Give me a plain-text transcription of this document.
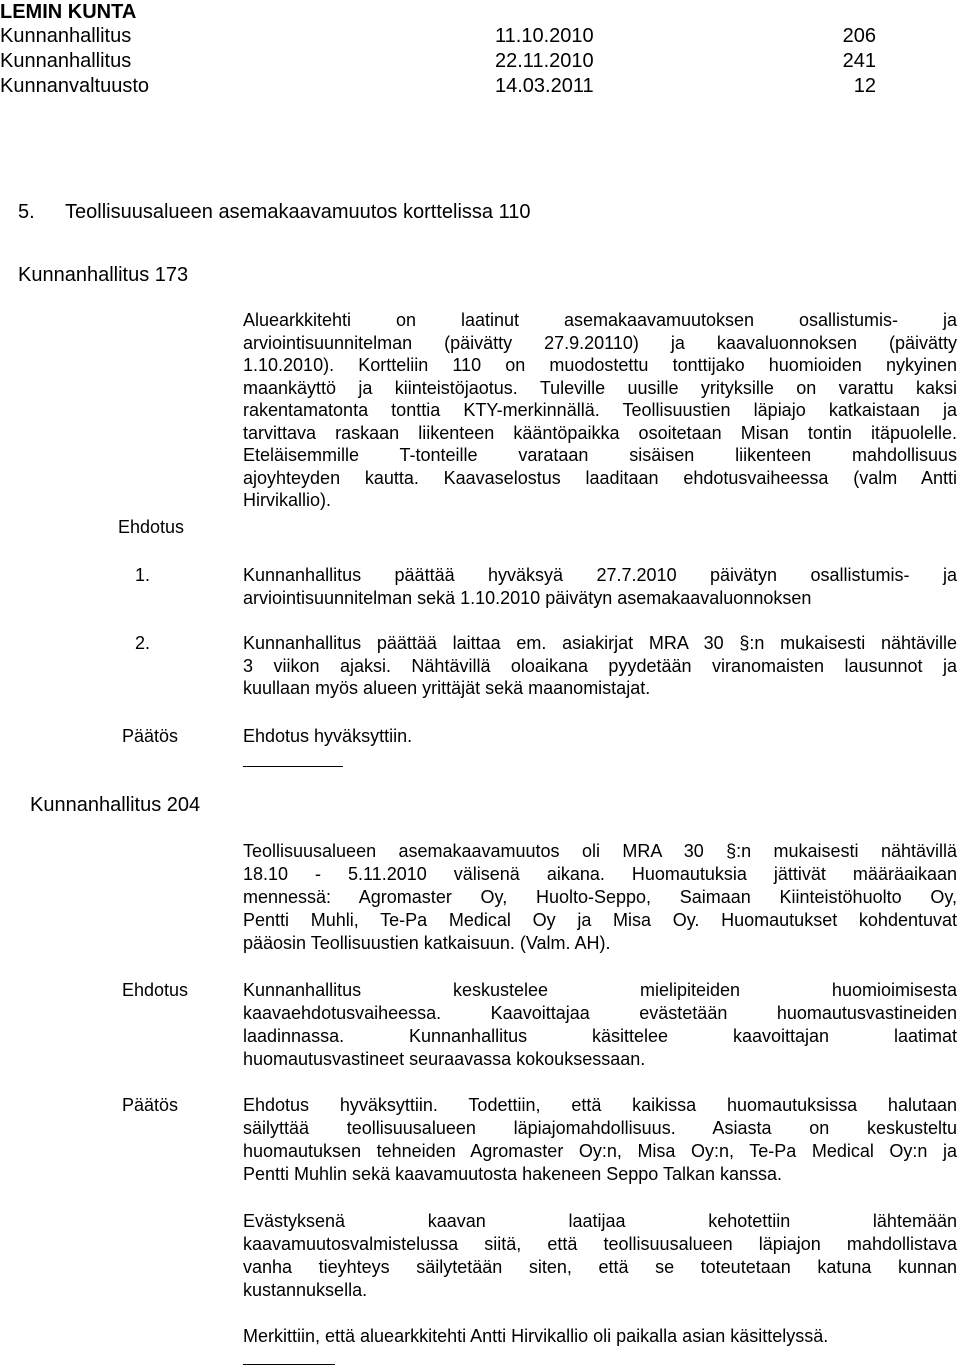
LEMIN KUNTA
Kunnanhallitus	11.10.2010	206
Kunnanhallitus	22.11.2010	241
Kunnanvaltuusto	14.03.2011	12
5. Teollisuusalueen asemakaavamuutos korttelissa 110
Kunnanhallitus 173
Aluearkkitehti on laatinut asemakaavamuutoksen osallistumis- ja
arviointisuunnitelman (päivätty 27.9.20110) ja kaavaluonnoksen (päivätty
1.10.2010). Kortteliin 110 on muodostettu tonttijako huomioiden nykyinen
maankäyttö ja kiinteistöjaotus. Tuleville uusille yrityksille on varattu kaksi
rakentamatonta tonttia KTY-merkinnällä. Teollisuustien läpiajo katkaistaan ja
tarvittava raskaan liikenteen kääntöpaikka osoitetaan Misan tontin itäpuolelle.
Eteläisemmille T-tonteille varataan sisäisen liikenteen mahdollisuus
ajoyhteyden kautta. Kaavaselostus laaditaan ehdotusvaiheessa (valm Antti
Hirvikallio).
Ehdotus
1.	Kunnanhallitus päättää hyväksyä 27.7.2010 päivätyn osallistumis- ja
arviointisuunnitelman sekä 1.10.2010 päivätyn asemakaavaluonnoksen
2.	Kunnanhallitus päättää laittaa em. asiakirjat MRA 30 §:n mukaisesti nähtäville
3 viikon ajaksi. Nähtävillä oloaikana pyydetään viranomaisten lausunnot ja
kuullaan myös alueen yrittäjät sekä maanomistajat.
Päätös	Ehdotus hyväksyttiin.
Kunnanhallitus 204
Teollisuusalueen asemakaavamuutos oli MRA 30 §:n mukaisesti nähtävillä
18.10 - 5.11.2010 välisenä aikana. Huomautuksia jättivät määräaikaan
mennessä: Agromaster Oy, Huolto-Seppo, Saimaan Kiinteistöhuolto Oy,
Pentti Muhli, Te-Pa Medical Oy ja Misa Oy. Huomautukset kohdentuvat
pääosin Teollisuustien katkaisuun. (Valm. AH).
Ehdotus	Kunnanhallitus keskustelee mielipiteiden huomioimisesta
kaavaehdotusvaiheessa. Kaavoittajaa evästetään huomautusvastineiden
laadinnassa. Kunnanhallitus käsittelee kaavoittajan laatimat
huomautusvastineet seuraavassa kokouksessaan.
Päätös	Ehdotus hyväksyttiin. Todettiin, että kaikissa huomautuksissa halutaan
säilyttää teollisuusalueen läpiajomahdollisuus. Asiasta on keskusteltu
huomautuksen tehneiden Agromaster Oy:n, Misa Oy:n, Te-Pa Medical Oy:n ja
Pentti Muhlin sekä kaavamuutosta hakeneen Seppo Talkan kanssa.
Evästyksenä kaavan laatijaa kehotettiin lähtemään
kaavamuutosvalmistelussa siitä, että teollisuusalueen läpiajon mahdollistava
vanha tieyhteys säilytetään siten, että se toteutetaan katuna kunnan
kustannuksella.
Merkittiin, että aluearkkitehti Antti Hirvikallio oli paikalla asian käsittelyssä.
